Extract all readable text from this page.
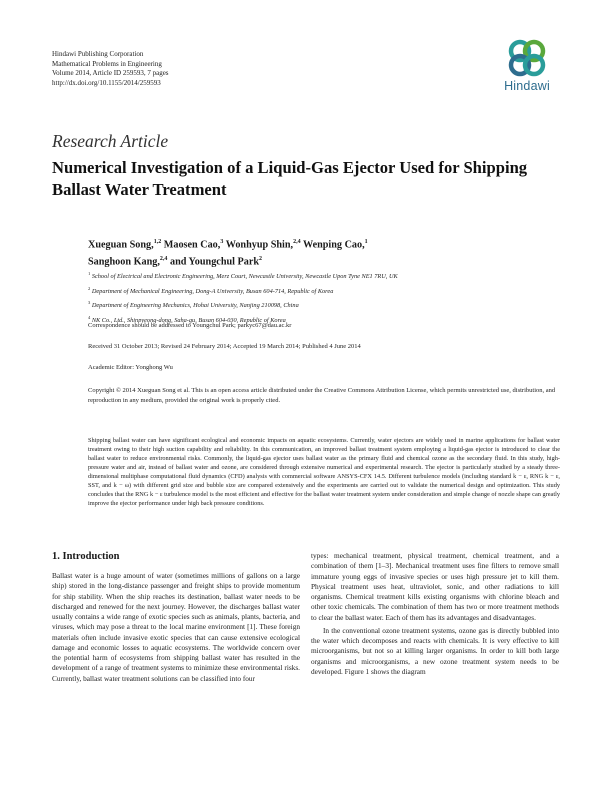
Hindawi Publishing Corporation
Mathematical Problems in Engineering
Volume 2014, Article ID 259593, 7 pages
http://dx.doi.org/10.1155/2014/259593	Hindawi
Research Article
Numerical Investigation of a Liquid-Gas Ejector Used for Shipping Ballast Water Treatment
Xueguan Song,$^{1,2}$ Maosen Cao,$^3$ Wonhyup Shin,$^{2,4}$ Wenping Cao,$^1$
Sanghoon Kang,$^{2,4}$ and Youngchul Park$^2$
$^1$ School of Electrical and Electronic Engineering, Merz Court, Newcastle University, Newcastle Upon Tyne NE1 7RU, UK
$^2$ Department of Mechanical Engineering, Dong-A University, Busan 604-714, Republic of Korea
$^3$ Department of Engineering Mechanics, Hohai University, Nanjing 210098, China
$^4$ NK Co., Ltd., Shinpyeong-dong, Saha-gu, Busan 604-030, Republic of Korea
Correspondence should be addressed to Youngchul Park; parkyc67@dau.ac.kr
Received 31 October 2013; Revised 24 February 2014; Accepted 19 March 2014; Published 4 June 2014
Academic Editor: Yonghong Wu
Copyright © 2014 Xueguan Song et al. This is an open access article distributed under the Creative Commons Attribution License, which permits unrestricted use, distribution, and reproduction in any medium, provided the original work is properly cited.
Shipping ballast water can have significant ecological and economic impacts on aquatic ecosystems. Currently, water ejectors are widely used in marine applications for ballast water treatment owing to their high suction capability and reliability. In this communication, an improved ballast treatment system employing a liquid-gas ejector is introduced to clear the ballast water to reduce environmental risks. Commonly, the liquid-gas ejector uses ballast water as the primary fluid and chemical ozone as the secondary fluid. In this study, high-pressure water and air, instead of ballast water and ozone, are considered through extensive numerical and experimental research. The ejector is particularly studied by a steady three-dimensional multiphase computational fluid dynamics (CFD) analysis with commercial software ANSYS-CFX 14.5. Different turbulence models (including standard k − ε, RNG k − ε, SST, and k − ω) with different grid size and bubble size are compared extensively and the experiments are carried out to validate the numerical design and optimization. This study concludes that the RNG k − ε turbulence model is the most efficient and effective for the ballast water treatment system under consideration and simple change of nozzle shape can greatly improve the ejector performance under high back pressure conditions.
1. Introduction

Ballast water is a huge amount of water (sometimes millions of gallons on a large ship) stored in the long-distance passenger and freight ships to provide momentum for ship stability. When the ship reaches its destination, ballast water needs to be discharged and renewed for the next journey. However, the discharges ballast water usually contains a wide range of exotic species such as animals, plants, bacteria, and viruses, which may pose a threat to the local marine environment [1]. These foreign materials often include invasive exotic species that can cause extensive ecological damage and economic losses to aquatic ecosystems. The worldwide concern over the potential harm of ecosystems from shipping ballast water has resulted in the development of a range of treatment systems to minimize these environmental risks. Currently, ballast water treatment solutions can be classified into four

types: mechanical treatment, physical treatment, chemical treatment, and a combination of them [1–3]. Mechanical treatment uses fine filters to remove small immature young eggs of invasive species or uses high pressure jet to kill them. Physical treatment uses heat, ultraviolet, sonic, and other radiations to kill organisms. Chemical treatment kills existing organisms with chlorine bleach and other toxic chemicals. The combination of them has two or more treatment methods to clear the ballast water. Each of them has its advantages and disadvantages.

In the conventional ozone treatment systems, ozone gas is directly bubbled into the water which decomposes and reacts with chemicals. It is very effective to kill microorganisms, but not so at killing larger organisms. In order to kill both large organisms and microorganisms, a new ozone treatment system needs to be developed. Figure 1 shows the diagram
